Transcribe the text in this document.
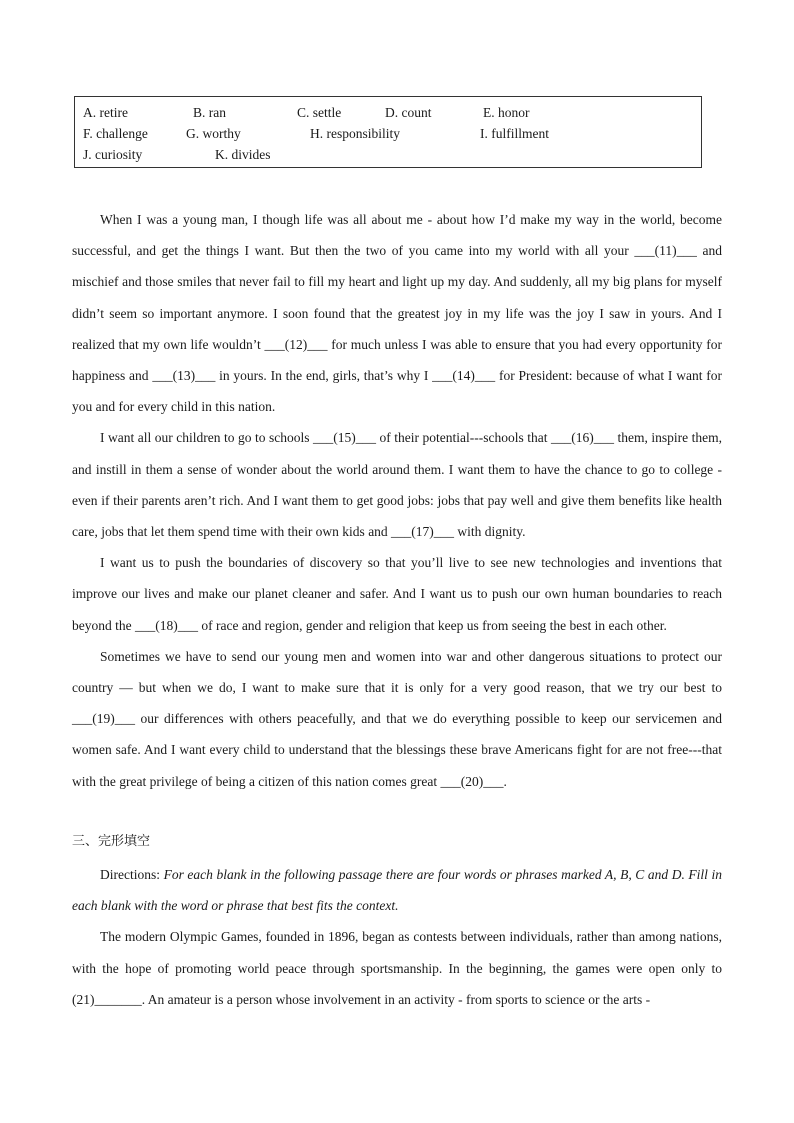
A. retire	B. ran	C. settle	D. count	E. honor
F. challenge	G. worthy	H. responsibility	I. fulfillment
J. curiosity	K. divides

When I was a young man, I though life was all about me - about how I’d make my way in the world, become successful, and get the things I want. But then the two of you came into my world with all your ___(11)___ and mischief and those smiles that never fail to fill my heart and light up my day. And suddenly, all my big plans for myself didn’t seem so important anymore. I soon found that the greatest joy in my life was the joy I saw in yours. And I realized that my own life wouldn’t ___(12)___ for much unless I was able to ensure that you had every opportunity for happiness and ___(13)___ in yours. In the end, girls, that’s why I ___(14)___ for President: because of what I want for you and for every child in this nation.

I want all our children to go to schools ___(15)___ of their potential---schools that ___(16)___ them, inspire them, and instill in them a sense of wonder about the world around them. I want them to have the chance to go to college - even if their parents aren’t rich. And I want them to get good jobs: jobs that pay well and give them benefits like health care, jobs that let them spend time with their own kids and ___(17)___ with dignity.

I want us to push the boundaries of discovery so that you’ll live to see new technologies and inventions that improve our lives and make our planet cleaner and safer. And I want us to push our own human boundaries to reach beyond the ___(18)___ of race and region, gender and religion that keep us from seeing the best in each other.

Sometimes we have to send our young men and women into war and other dangerous situations to protect our country — but when we do, I want to make sure that it is only for a very good reason, that we try our best to ___(19)___ our differences with others peacefully, and that we do everything possible to keep our servicemen and women safe. And I want every child to understand that the blessings these brave Americans fight for are not free---that with the great privilege of being a citizen of this nation comes great ___(20)___.

三、完形填空

Directions: For each blank in the following passage there are four words or phrases marked A, B, C and D. Fill in each blank with the word or phrase that best fits the context.

The modern Olympic Games, founded in 1896, began as contests between individuals, rather than among nations, with the hope of promoting world peace through sportsmanship. In the beginning, the games were open only to (21)_______. An amateur is a person whose involvement in an activity - from sports to science or the arts -
